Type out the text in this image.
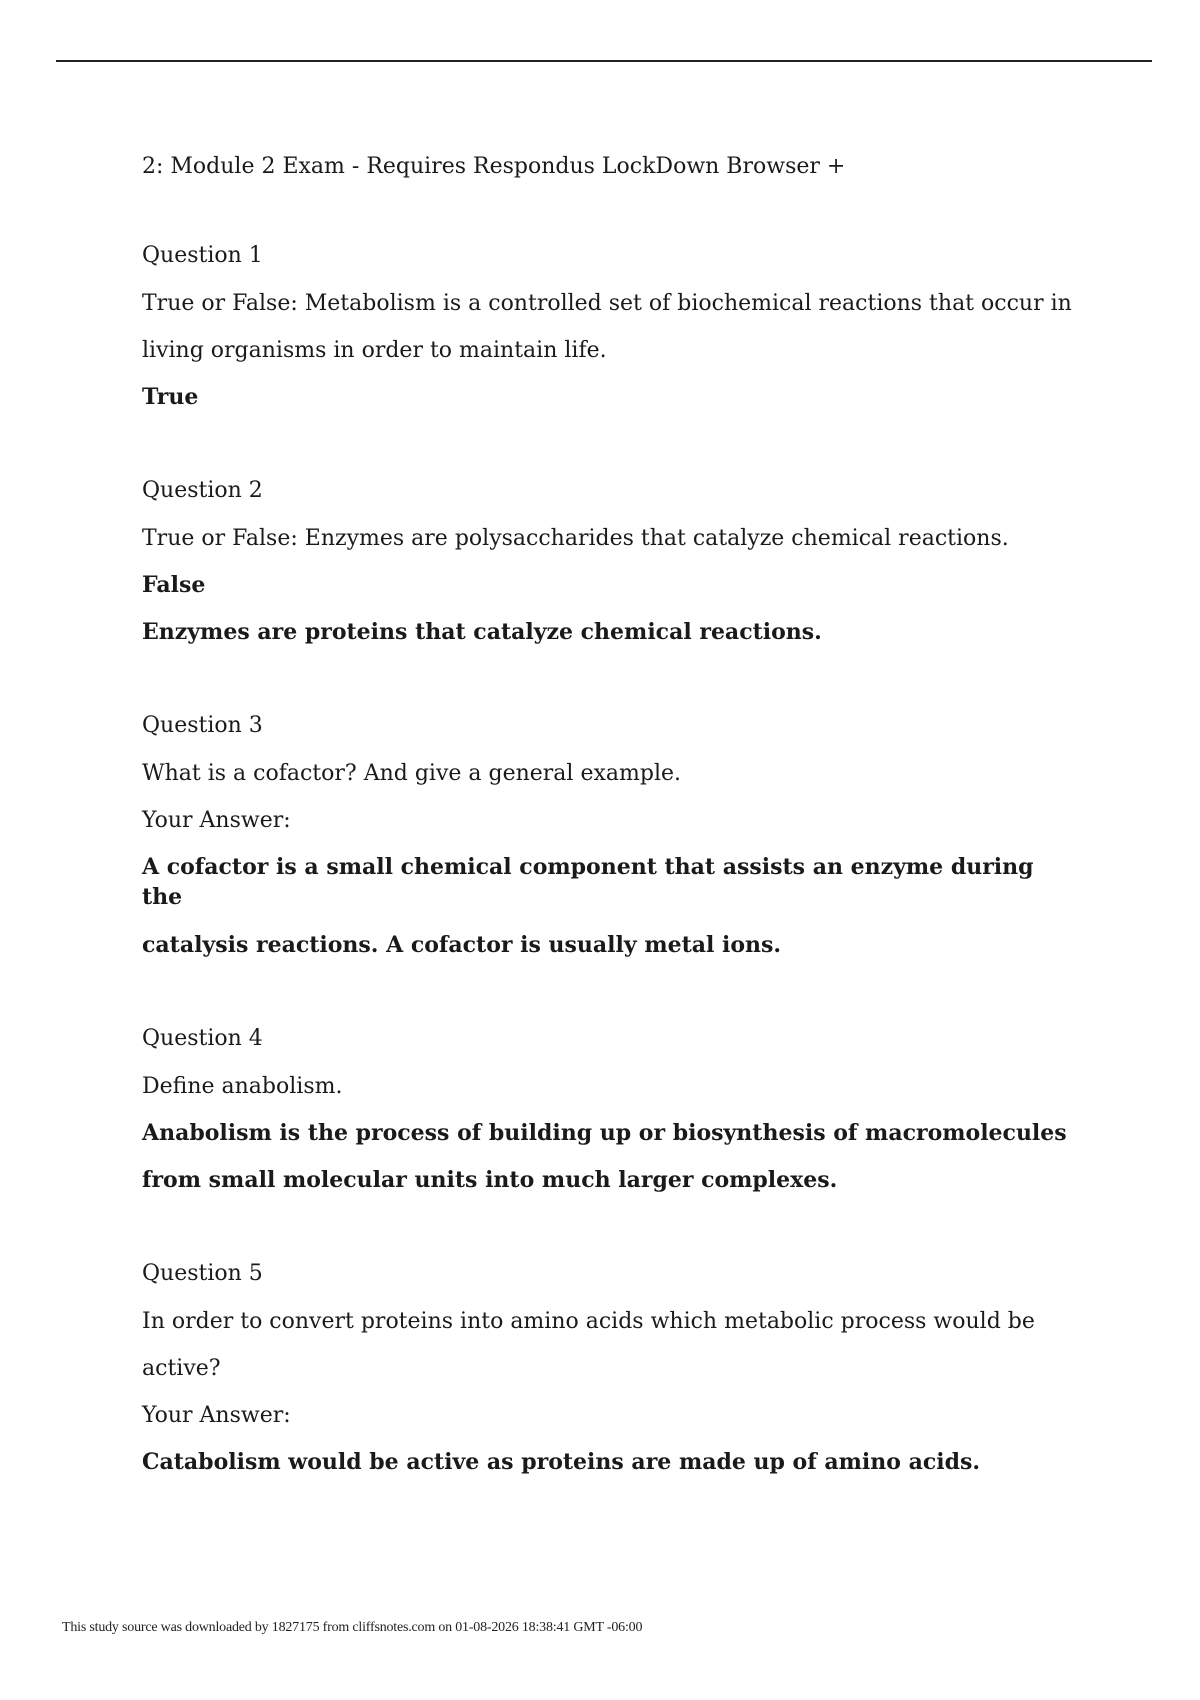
2: Module 2 Exam - Requires Respondus LockDown Browser +

Question 1

True or False: Metabolism is a controlled set of biochemical reactions that occur in living organisms in order to maintain life.

True

Question 2

True or False: Enzymes are polysaccharides that catalyze chemical reactions.

False

Enzymes are proteins that catalyze chemical reactions.

Question 3

What is a cofactor? And give a general example.

Your Answer:

A cofactor is a small chemical component that assists an enzyme during the

catalysis reactions. A cofactor is usually metal ions.

Question 4

Define anabolism.

Anabolism is the process of building up or biosynthesis of macromolecules

from small molecular units into much larger complexes.

Question 5

In order to convert proteins into amino acids which metabolic process would be active?

Your Answer:

Catabolism would be active as proteins are made up of amino acids.

This study source was downloaded by 1827175 from cliffsnotes.com on 01-08-2026 18:38:41 GMT -06:00
